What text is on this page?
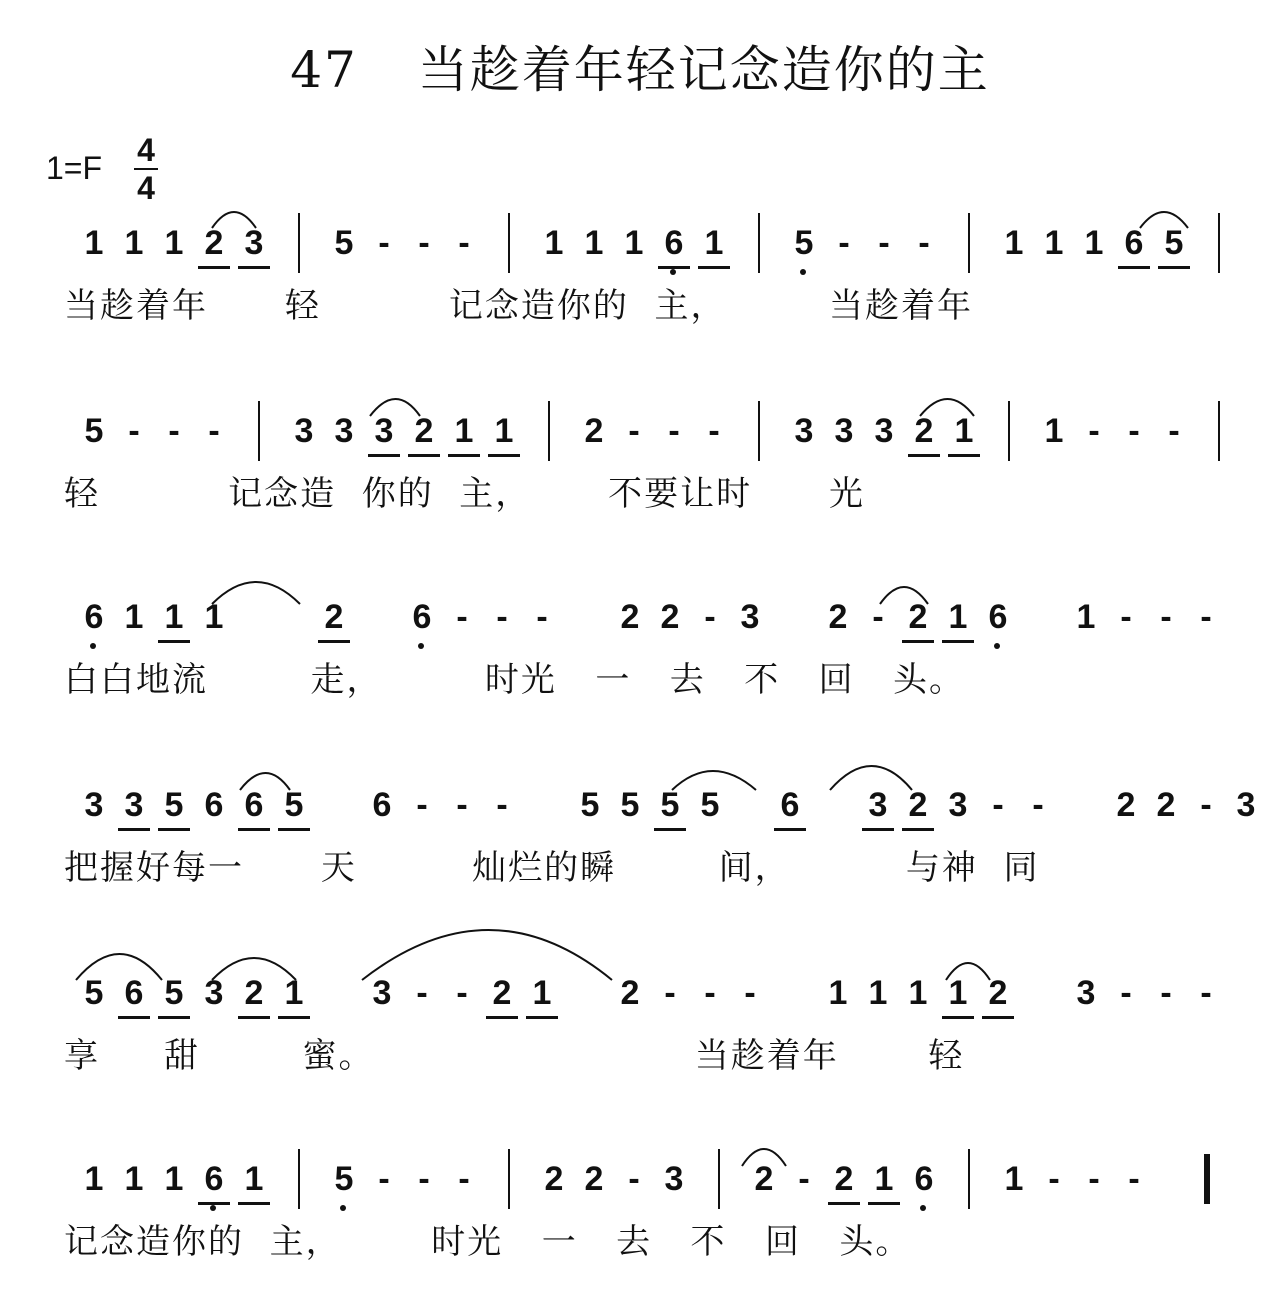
47 当趁着年轻记念造你的主
1=F 4
4
1 1 1 2 3	5 - - -	1 1 1 6 1	5 - - -	1 1 1 6 5
当趁着年      轻          记念造你的  主，        当趁着年
5 - - -	3 3 3 2 1 1	2 - - -	3 3 3 2 1	1 - - -
轻          记念造  你的  主，      不要让时      光
6 1 1 1	2	6 - - -	2 2 - 3	2 - 2 1 6	1 - - -
白白地流        走，        时光   一   去   不   回   头。
3 3 5 6 6 5	6 - - -	5 5 5 5	6	3 2 3 - -	2 2 - 3
把握好每一      天         灿烂的瞬        间，         与神  同
5 6 5 3 2 1	3 - - 2 1	2 - - -	1 1 1 1 2	3 - - -
享     甜        蜜。                         当趁着年       轻
1 1 1 6 1	5 - - -	2 2 - 3	2 - 2 1 6	1 - - -
记念造你的  主，       时光   一   去   不   回   头。
